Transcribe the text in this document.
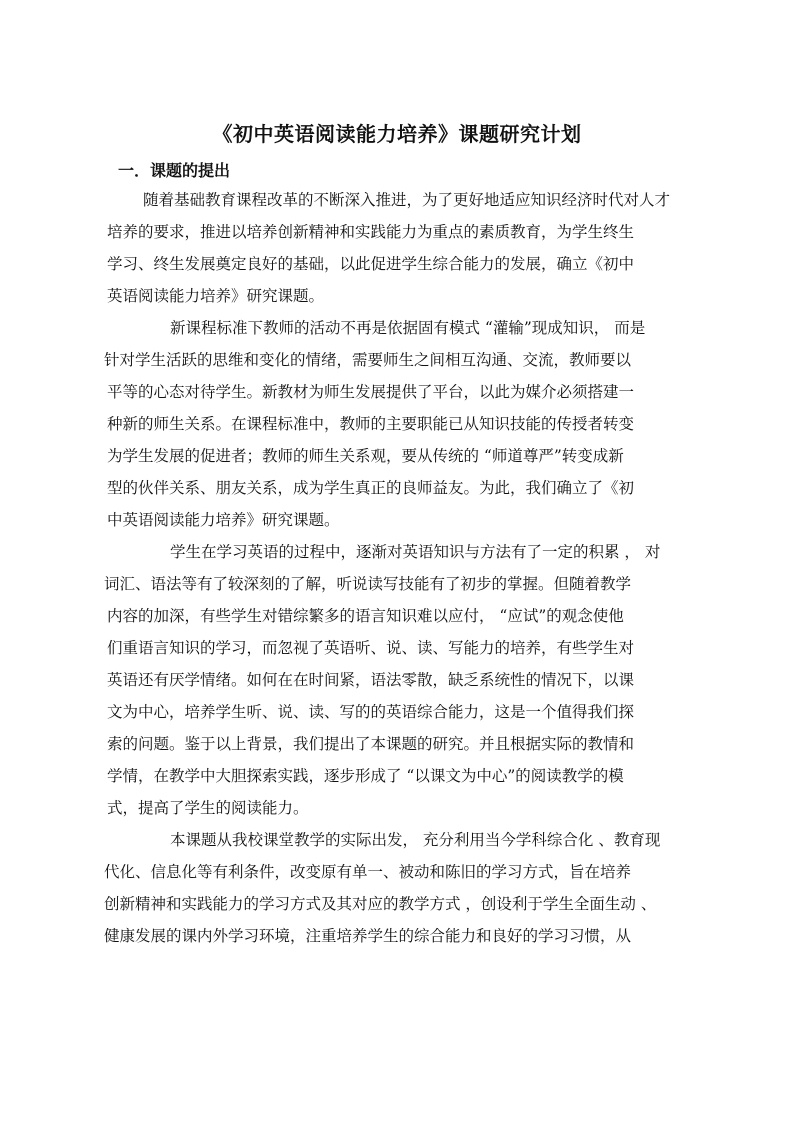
《初中英语阅读能力培养》课题研究计划
一．课题的提出
随着基础教育课程改革的不断深入推进，为了更好地适应知识经济时代对人才
培养的要求，推进以培养创新精神和实践能力为重点的素质教育，为学生终生
学习、终生发展奠定良好的基础，以此促进学生综合能力的发展，确立《初中
英语阅读能力培养》研究课题。
新课程标准下教师的活动不再是依据固有模式 “灌输”现成知识， 而是
针对学生活跃的思维和变化的情绪，需要师生之间相互沟通、交流，教师要以
平等的心态对待学生。新教材为师生发展提供了平台，以此为媒介必须搭建一
种新的师生关系。在课程标准中，教师的主要职能已从知识技能的传授者转变
为学生发展的促进者；教师的师生关系观，要从传统的 “师道尊严”转变成新
型的伙伴关系、朋友关系，成为学生真正的良师益友。为此，我们确立了《初
中英语阅读能力培养》研究课题。
学生在学习英语的过程中，逐渐对英语知识与方法有了一定的积累 ， 对
词汇、语法等有了较深刻的了解，听说读写技能有了初步的掌握。但随着教学
内容的加深，有些学生对错综繁多的语言知识难以应付， “应试”的观念使他
们重语言知识的学习，而忽视了英语听、说、读、写能力的培养，有些学生对
英语还有厌学情绪。如何在在时间紧，语法零散，缺乏系统性的情况下，以课
文为中心，培养学生听、说、读、写的的英语综合能力，这是一个值得我们探
索的问题。鉴于以上背景，我们提出了本课题的研究。并且根据实际的教情和
学情，在教学中大胆探索实践，逐步形成了 “以课文为中心”的阅读教学的模
式，提高了学生的阅读能力。
本课题从我校课堂教学的实际出发， 充分利用当今学科综合化 、教育现
代化、信息化等有利条件，改变原有单一、被动和陈旧的学习方式，旨在培养
创新精神和实践能力的学习方式及其对应的教学方式 ，创设利于学生全面生动 、
健康发展的课内外学习环境，注重培养学生的综合能力和良好的学习习惯，从
